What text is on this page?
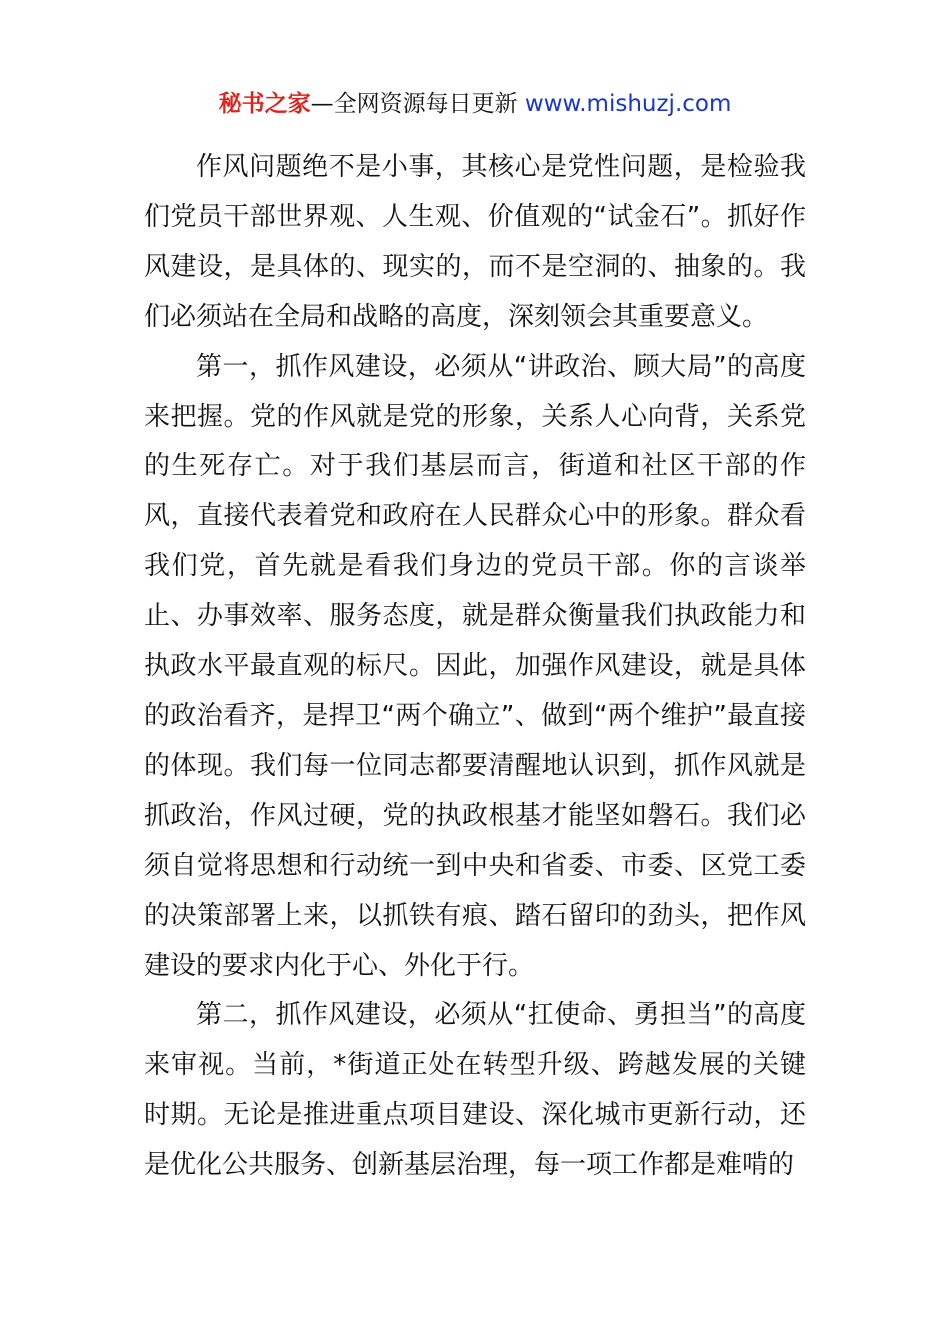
秘书之家—全网资源每日更新 www.mishuzj.com

作风问题绝不是小事，其核心是党性问题，是检验我们党员干部世界观、人生观、价值观的“试金石”。抓好作风建设，是具体的、现实的，而不是空洞的、抽象的。我们必须站在全局和战略的高度，深刻领会其重要意义。

第一，抓作风建设，必须从“讲政治、顾大局”的高度来把握。党的作风就是党的形象，关系人心向背，关系党的生死存亡。对于我们基层而言，街道和社区干部的作风，直接代表着党和政府在人民群众心中的形象。群众看我们党，首先就是看我们身边的党员干部。你的言谈举止、办事效率、服务态度，就是群众衡量我们执政能力和执政水平最直观的标尺。因此，加强作风建设，就是具体的政治看齐，是捍卫“两个确立”、做到“两个维护”最直接的体现。我们每一位同志都要清醒地认识到，抓作风就是抓政治，作风过硬，党的执政根基才能坚如磐石。我们必须自觉将思想和行动统一到中央和省委、市委、区党工委的决策部署上来，以抓铁有痕、踏石留印的劲头，把作风建设的要求内化于心、外化于行。

第二，抓作风建设，必须从“扛使命、勇担当”的高度来审视。当前，*街道正处在转型升级、跨越发展的关键时期。无论是推进重点项目建设、深化城市更新行动，还是优化公共服务、创新基层治理，每一项工作都是难啃的
